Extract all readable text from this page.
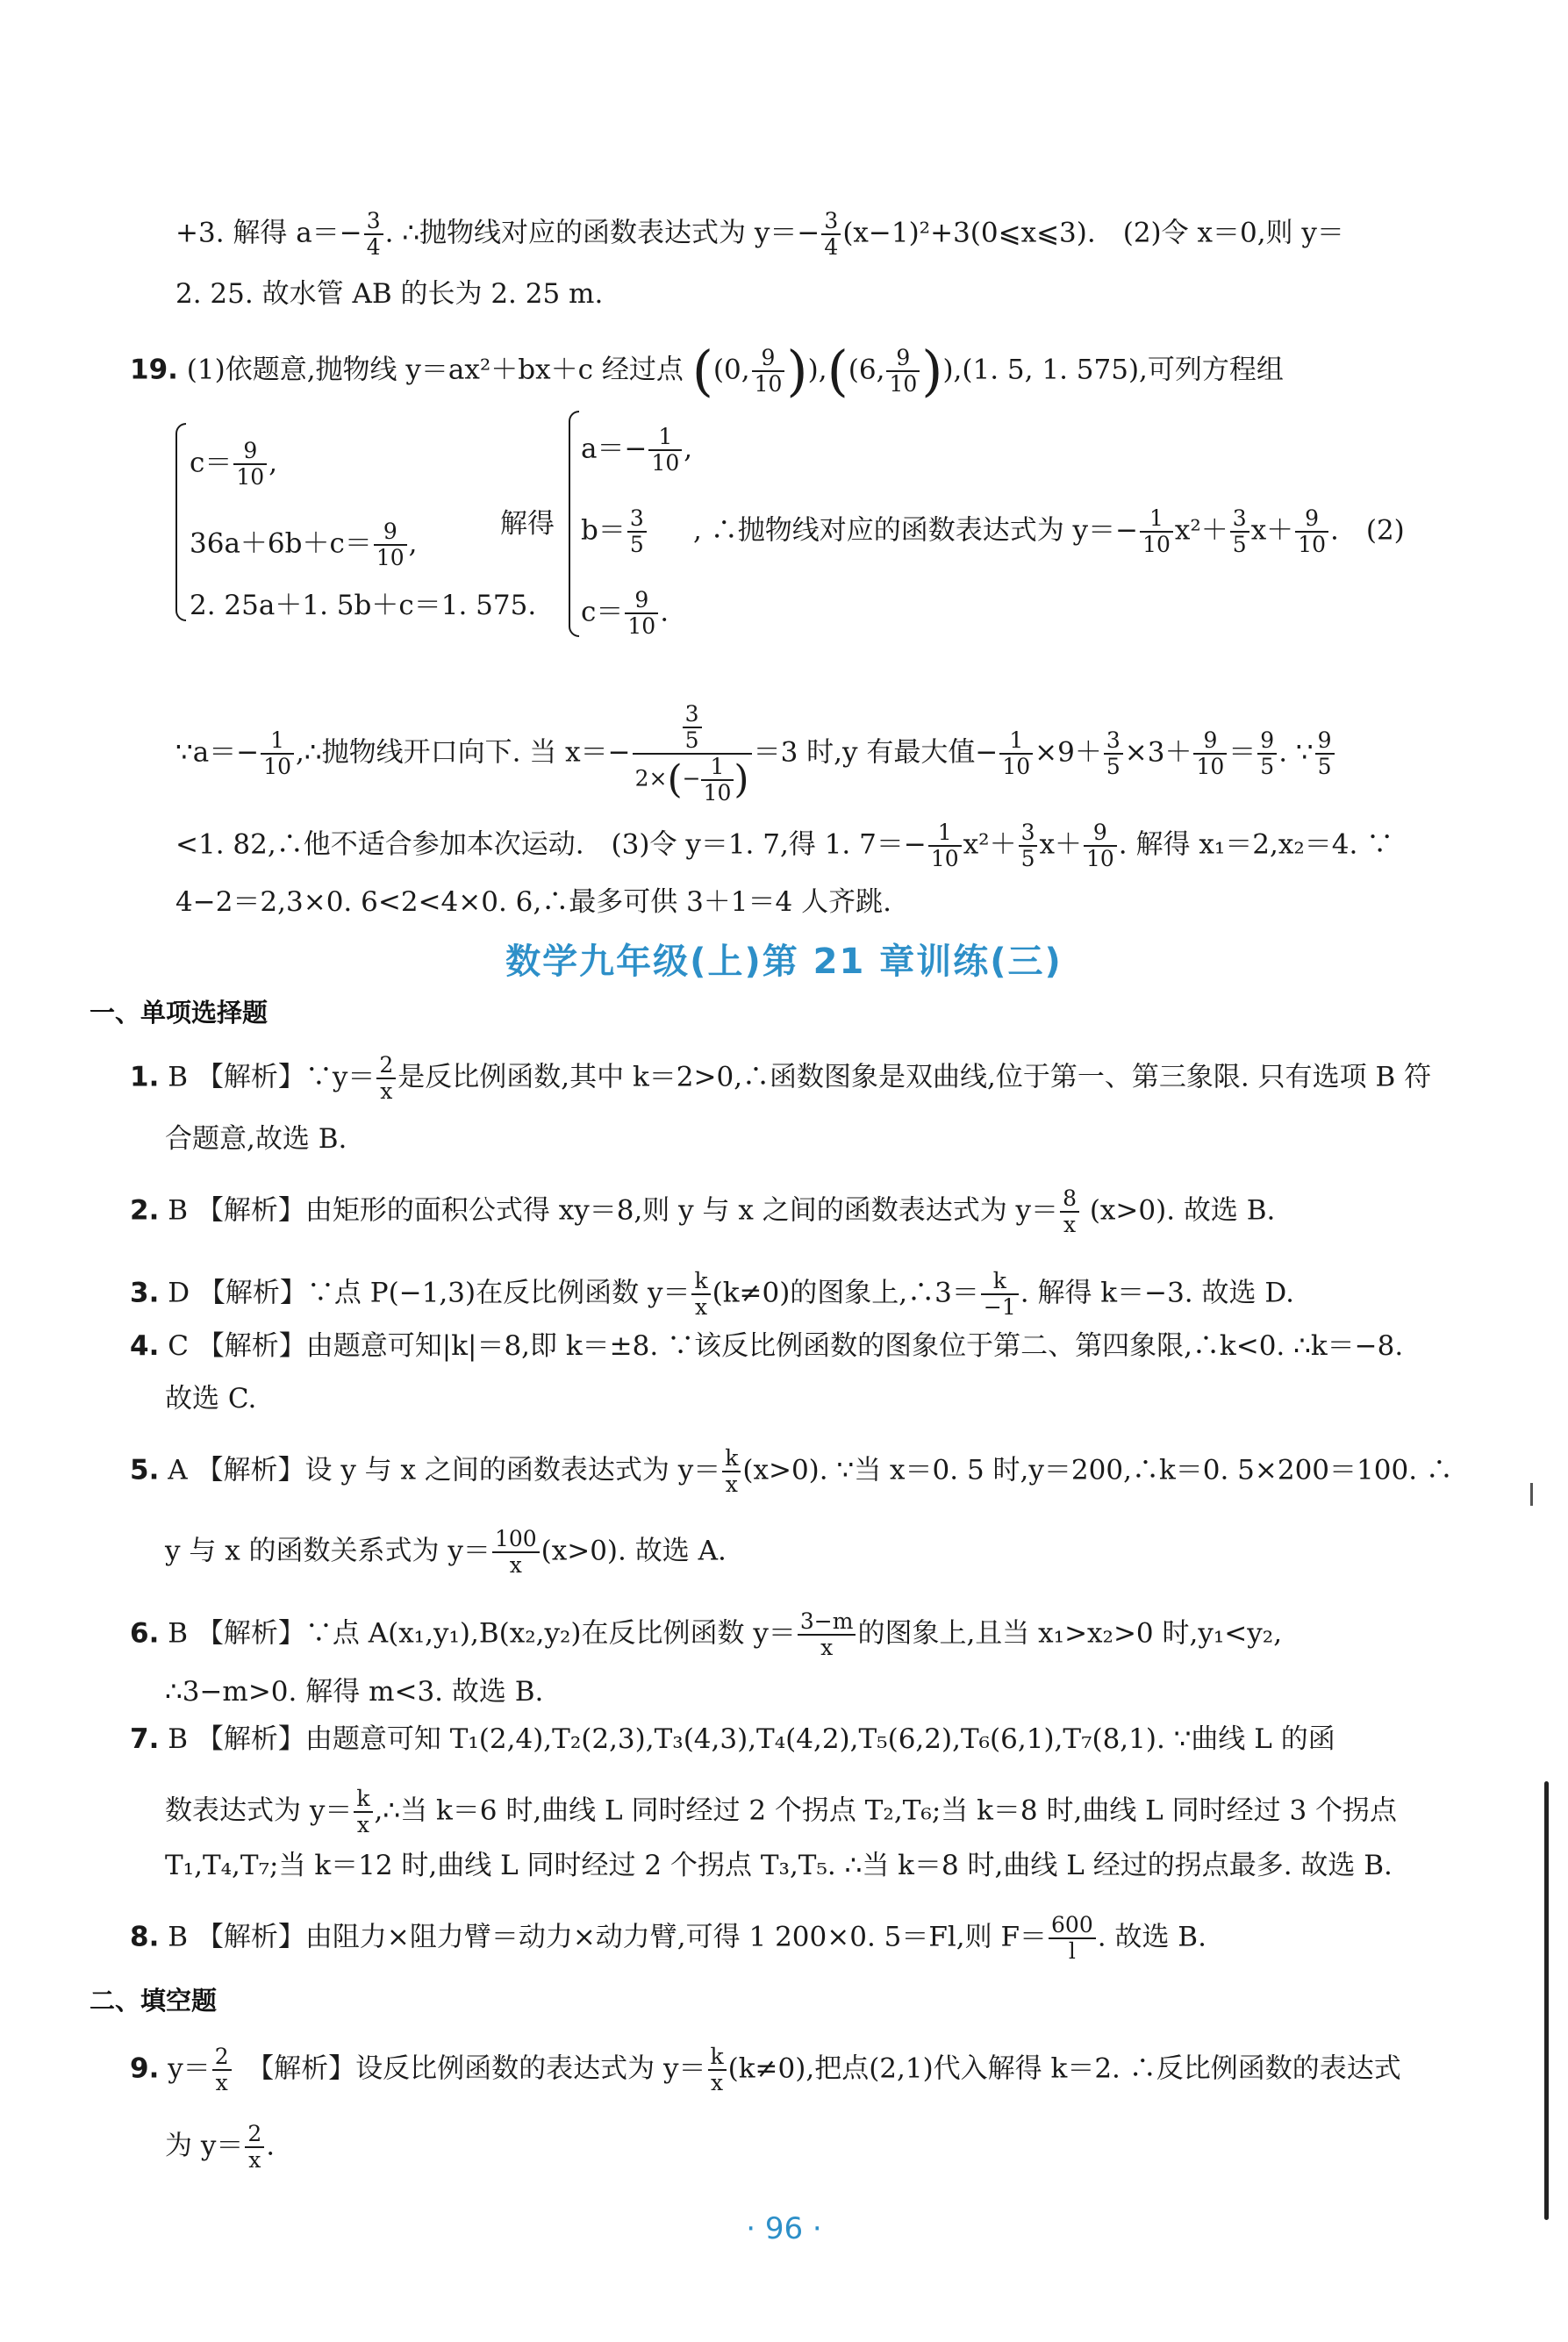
+3. 解得 $a=- \frac{3}{4}$ . ∴抛物线对应的函数表达式为 $y=- \frac{3}{4}$ (x−1)²+3(0⩽x⩽3).　(2)令 x＝0,则 y＝
2. 25. 故水管 AB 的长为 2. 25 m.
19. (1)依题意,抛物线 y＝ax²＋bx＋c 经过点 ((0, $\frac{9}{10} )),((6$, $\frac{9}{10} )),(1$. 5, 1. 575),可列方程组
$c= \frac{9}{10}$ ,
$36a+6b+c= \frac{9}{10}$ ,
2. 25a＋1. 5b＋c＝1. 575.
解得
$a=- \frac{1}{10}$ ,
$b= \frac{3}{5}$
$c= \frac{9}{10}$ .
, ∴抛物线对应的函数表达式为 $y=- \frac{1}{10} x^2+ \frac{3}{5} x+ \frac{9}{10}$ .　(2)
∵a＝− $\frac{1}{10}$ ,∴抛物线开口向下. 当 $x=- \frac{\frac{3}{5}}{2\times(- \frac{1}{10} )} =3$ 时,y 有最大值− $\frac{1}{10} \times 9+ \frac{3}{5} \times 3+ \frac{9}{10} = \frac{9}{5}$ . ∵ $\frac{9}{5}$
<1. 82,∴他不适合参加本次运动.　(3)令 y＝1. 7,得 1. $7=- \frac{1}{10} x^2+ \frac{3}{5} x+ \frac{9}{10}$ . 解得 x₁＝2,x₂＝4. ∵
4−2＝2,3×0. 6<2<4×0. 6,∴最多可供 3＋1＝4 人齐跳.
数学九年级(上)第 21 章训练(三)
一、单项选择题
1. B 【解析】∵y＝ $\frac{2}{x}$ 是反比例函数,其中 k＝2>0,∴函数图象是双曲线,位于第一、第三象限. 只有选项 B 符
合题意,故选 B.
2. B 【解析】由矩形的面积公式得 xy＝8,则 y 与 x 之间的函数表达式为 $y= \frac{8}{x} (x>0)$. 故选 B.
3. D 【解析】∵点 P(−1,3)在反比例函数 $y= \frac{k}{x} (k\ne 0)$的图象上,∴3＝ $\frac{k}{-1}$ . 解得 k＝−3. 故选 D.
4. C 【解析】由题意可知|k|＝8,即 k＝±8. ∵该反比例函数的图象位于第二、第四象限,∴k<0. ∴k＝−8.
故选 C.
5. A 【解析】设 y 与 x 之间的函数表达式为 $y= \frac{k}{x} (x>0)$. ∵当 x＝0. 5 时,y＝200,∴k＝0. 5×200＝100. ∴
y 与 x 的函数关系式为 $y= \frac{100}{x} (x>0)$. 故选 A.
6. B 【解析】∵点 A(x₁,y₁),B(x₂,y₂)在反比例函数 $y= \frac{3-m}{x}$ 的图象上,且当 x₁>x₂>0 时,y₁<y₂,
∴3−m>0. 解得 m<3. 故选 B.
7. B 【解析】由题意可知 T₁(2,4),T₂(2,3),T₃(4,3),T₄(4,2),T₅(6,2),T₆(6,1),T₇(8,1). ∵曲线 L 的函
数表达式为 $y= \frac{k}{x}$ ,∴当 k＝6 时,曲线 L 同时经过 2 个拐点 T₂,T₆;当 k＝8 时,曲线 L 同时经过 3 个拐点
T₁,T₄,T₇;当 k＝12 时,曲线 L 同时经过 2 个拐点 T₃,T₅. ∴当 k＝8 时,曲线 L 经过的拐点最多. 故选 B.
8. B 【解析】由阻力×阻力臂＝动力×动力臂,可得 1 200×0. 5＝Fl,则 $F= \frac{600}{l}$ . 故选 B.
二、填空题
9. $y= \frac{2}{x}$
　 【解析】设反比例函数的表达式为 $y= \frac{k}{x} (k\ne 0)$,把点(2,1)代入解得 k＝2. ∴反比例函数的表达式
为 $y= \frac{2}{x}$ .
· 96 ·
